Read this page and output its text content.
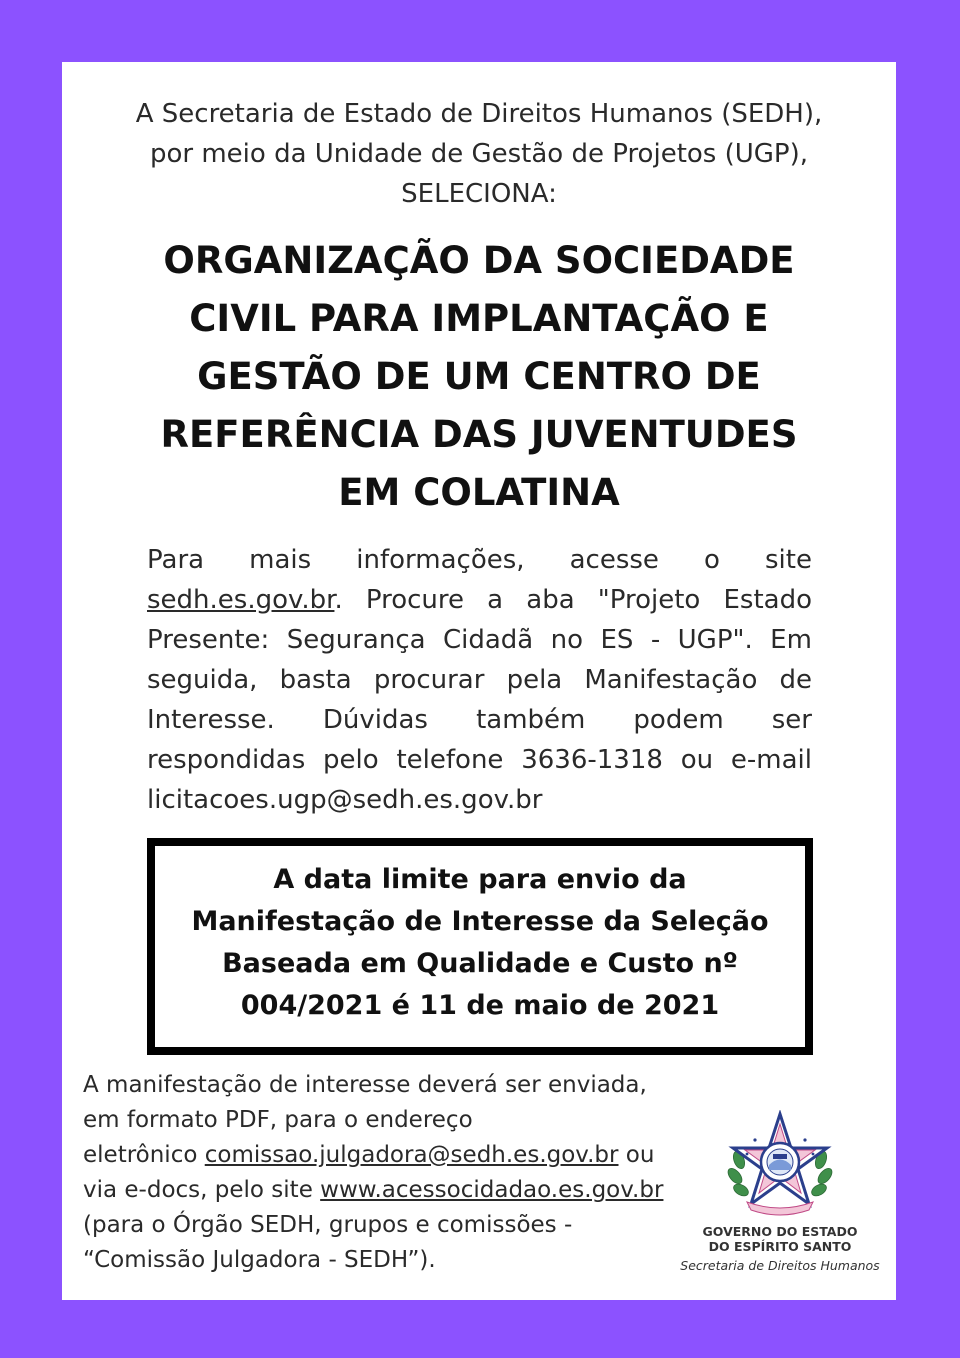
A Secretaria de Estado de Direitos Humanos (SEDH),
por meio da Unidade de Gestão de Projetos (UGP),
SELECIONA:
ORGANIZAÇÃO DA SOCIEDADE
CIVIL PARA IMPLANTAÇÃO E
GESTÃO DE UM CENTRO DE
REFERÊNCIA DAS JUVENTUDES
EM COLATINA
Para mais informações, acesse o site
sedh.es.gov.br. Procure a aba "Projeto Estado
Presente: Segurança Cidadã no ES - UGP". Em
seguida, basta procurar pela Manifestação de
Interesse. Dúvidas também podem ser
respondidas pelo telefone 3636-1318 ou e-mail
licitacoes.ugp@sedh.es.gov.br
A data limite para envio da
Manifestação de Interesse da Seleção
Baseada em Qualidade e Custo nº
004/2021 é 11 de maio de 2021
A manifestação de interesse deverá ser enviada,
em formato PDF, para o endereço
eletrônico comissao.julgadora@sedh.es.gov.br ou
via e-docs, pelo site www.acessocidadao.es.gov.br
(para o Órgão SEDH, grupos e comissões -
“Comissão Julgadora - SEDH”).
GOVERNO DO ESTADO
DO ESPÍRITO SANTO
Secretaria de Direitos Humanos
